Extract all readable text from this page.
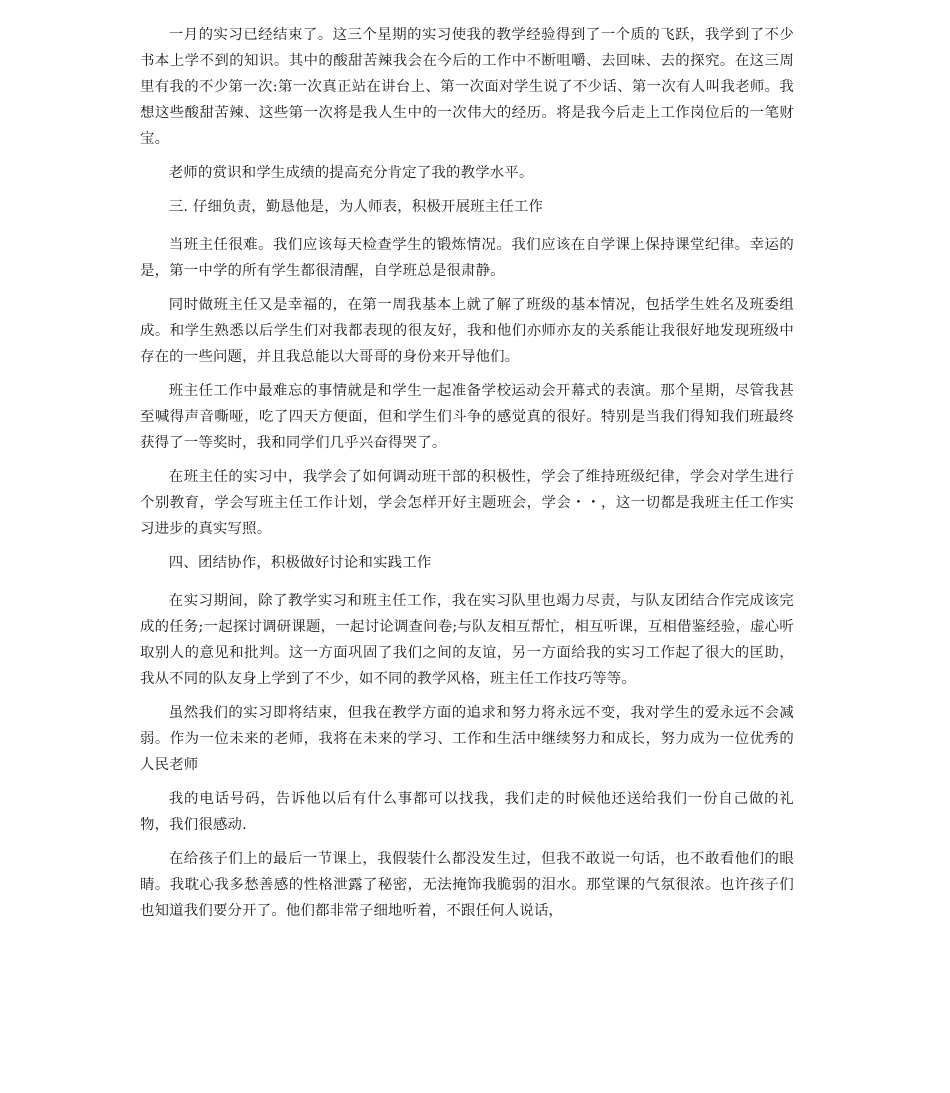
一月的实习已经结束了。这三个星期的实习使我的教学经验得到了一个质的飞跃，我学到了不少书本上学不到的知识。其中的酸甜苦辣我会在今后的工作中不断咀嚼、去回味、去的探究。在这三周里有我的不少第一次:第一次真正站在讲台上、第一次面对学生说了不少话、第一次有人叫我老师。我想这些酸甜苦辣、这些第一次将是我人生中的一次伟大的经历。将是我今后走上工作岗位后的一笔财宝。

老师的赏识和学生成绩的提高充分肯定了我的教学水平。

三. 仔细负责，勤恳他是，为人师表，积极开展班主任工作

当班主任很难。我们应该每天检查学生的锻炼情况。我们应该在自学课上保持课堂纪律。幸运的是，第一中学的所有学生都很清醒，自学班总是很肃静。

同时做班主任又是幸福的，在第一周我基本上就了解了班级的基本情况，包括学生姓名及班委组成。和学生熟悉以后学生们对我都表现的很友好，我和他们亦师亦友的关系能让我很好地发现班级中存在的一些问题，并且我总能以大哥哥的身份来开导他们。

班主任工作中最难忘的事情就是和学生一起准备学校运动会开幕式的表演。那个星期，尽管我甚至喊得声音嘶哑，吃了四天方便面，但和学生们斗争的感觉真的很好。特别是当我们得知我们班最终获得了一等奖时，我和同学们几乎兴奋得哭了。

在班主任的实习中，我学会了如何调动班干部的积极性，学会了维持班级纪律，学会对学生进行个别教育，学会写班主任工作计划，学会怎样开好主题班会，学会・・，这一切都是我班主任工作实习进步的真实写照。

四、团结协作，积极做好讨论和实践工作

在实习期间，除了教学实习和班主任工作，我在实习队里也竭力尽责，与队友团结合作完成该完成的任务;一起探讨调研课题，一起讨论调查问卷;与队友相互帮忙，相互听课，互相借鉴经验，虚心听取别人的意见和批判。这一方面巩固了我们之间的友谊，另一方面给我的实习工作起了很大的匡助，我从不同的队友身上学到了不少，如不同的教学风格，班主任工作技巧等等。

虽然我们的实习即将结束，但我在教学方面的追求和努力将永远不变，我对学生的爱永远不会减弱。作为一位未来的老师，我将在未来的学习、工作和生活中继续努力和成长，努力成为一位优秀的人民老师

我的电话号码，告诉他以后有什么事都可以找我，我们走的时候他还送给我们一份自己做的礼物，我们很感动.

在给孩子们上的最后一节课上，我假装什么都没发生过，但我不敢说一句话，也不敢看他们的眼睛。我耽心我多愁善感的性格泄露了秘密，无法掩饰我脆弱的泪水。那堂课的气氛很浓。也许孩子们也知道我们要分开了。他们都非常子细地听着，不跟任何人说话，
